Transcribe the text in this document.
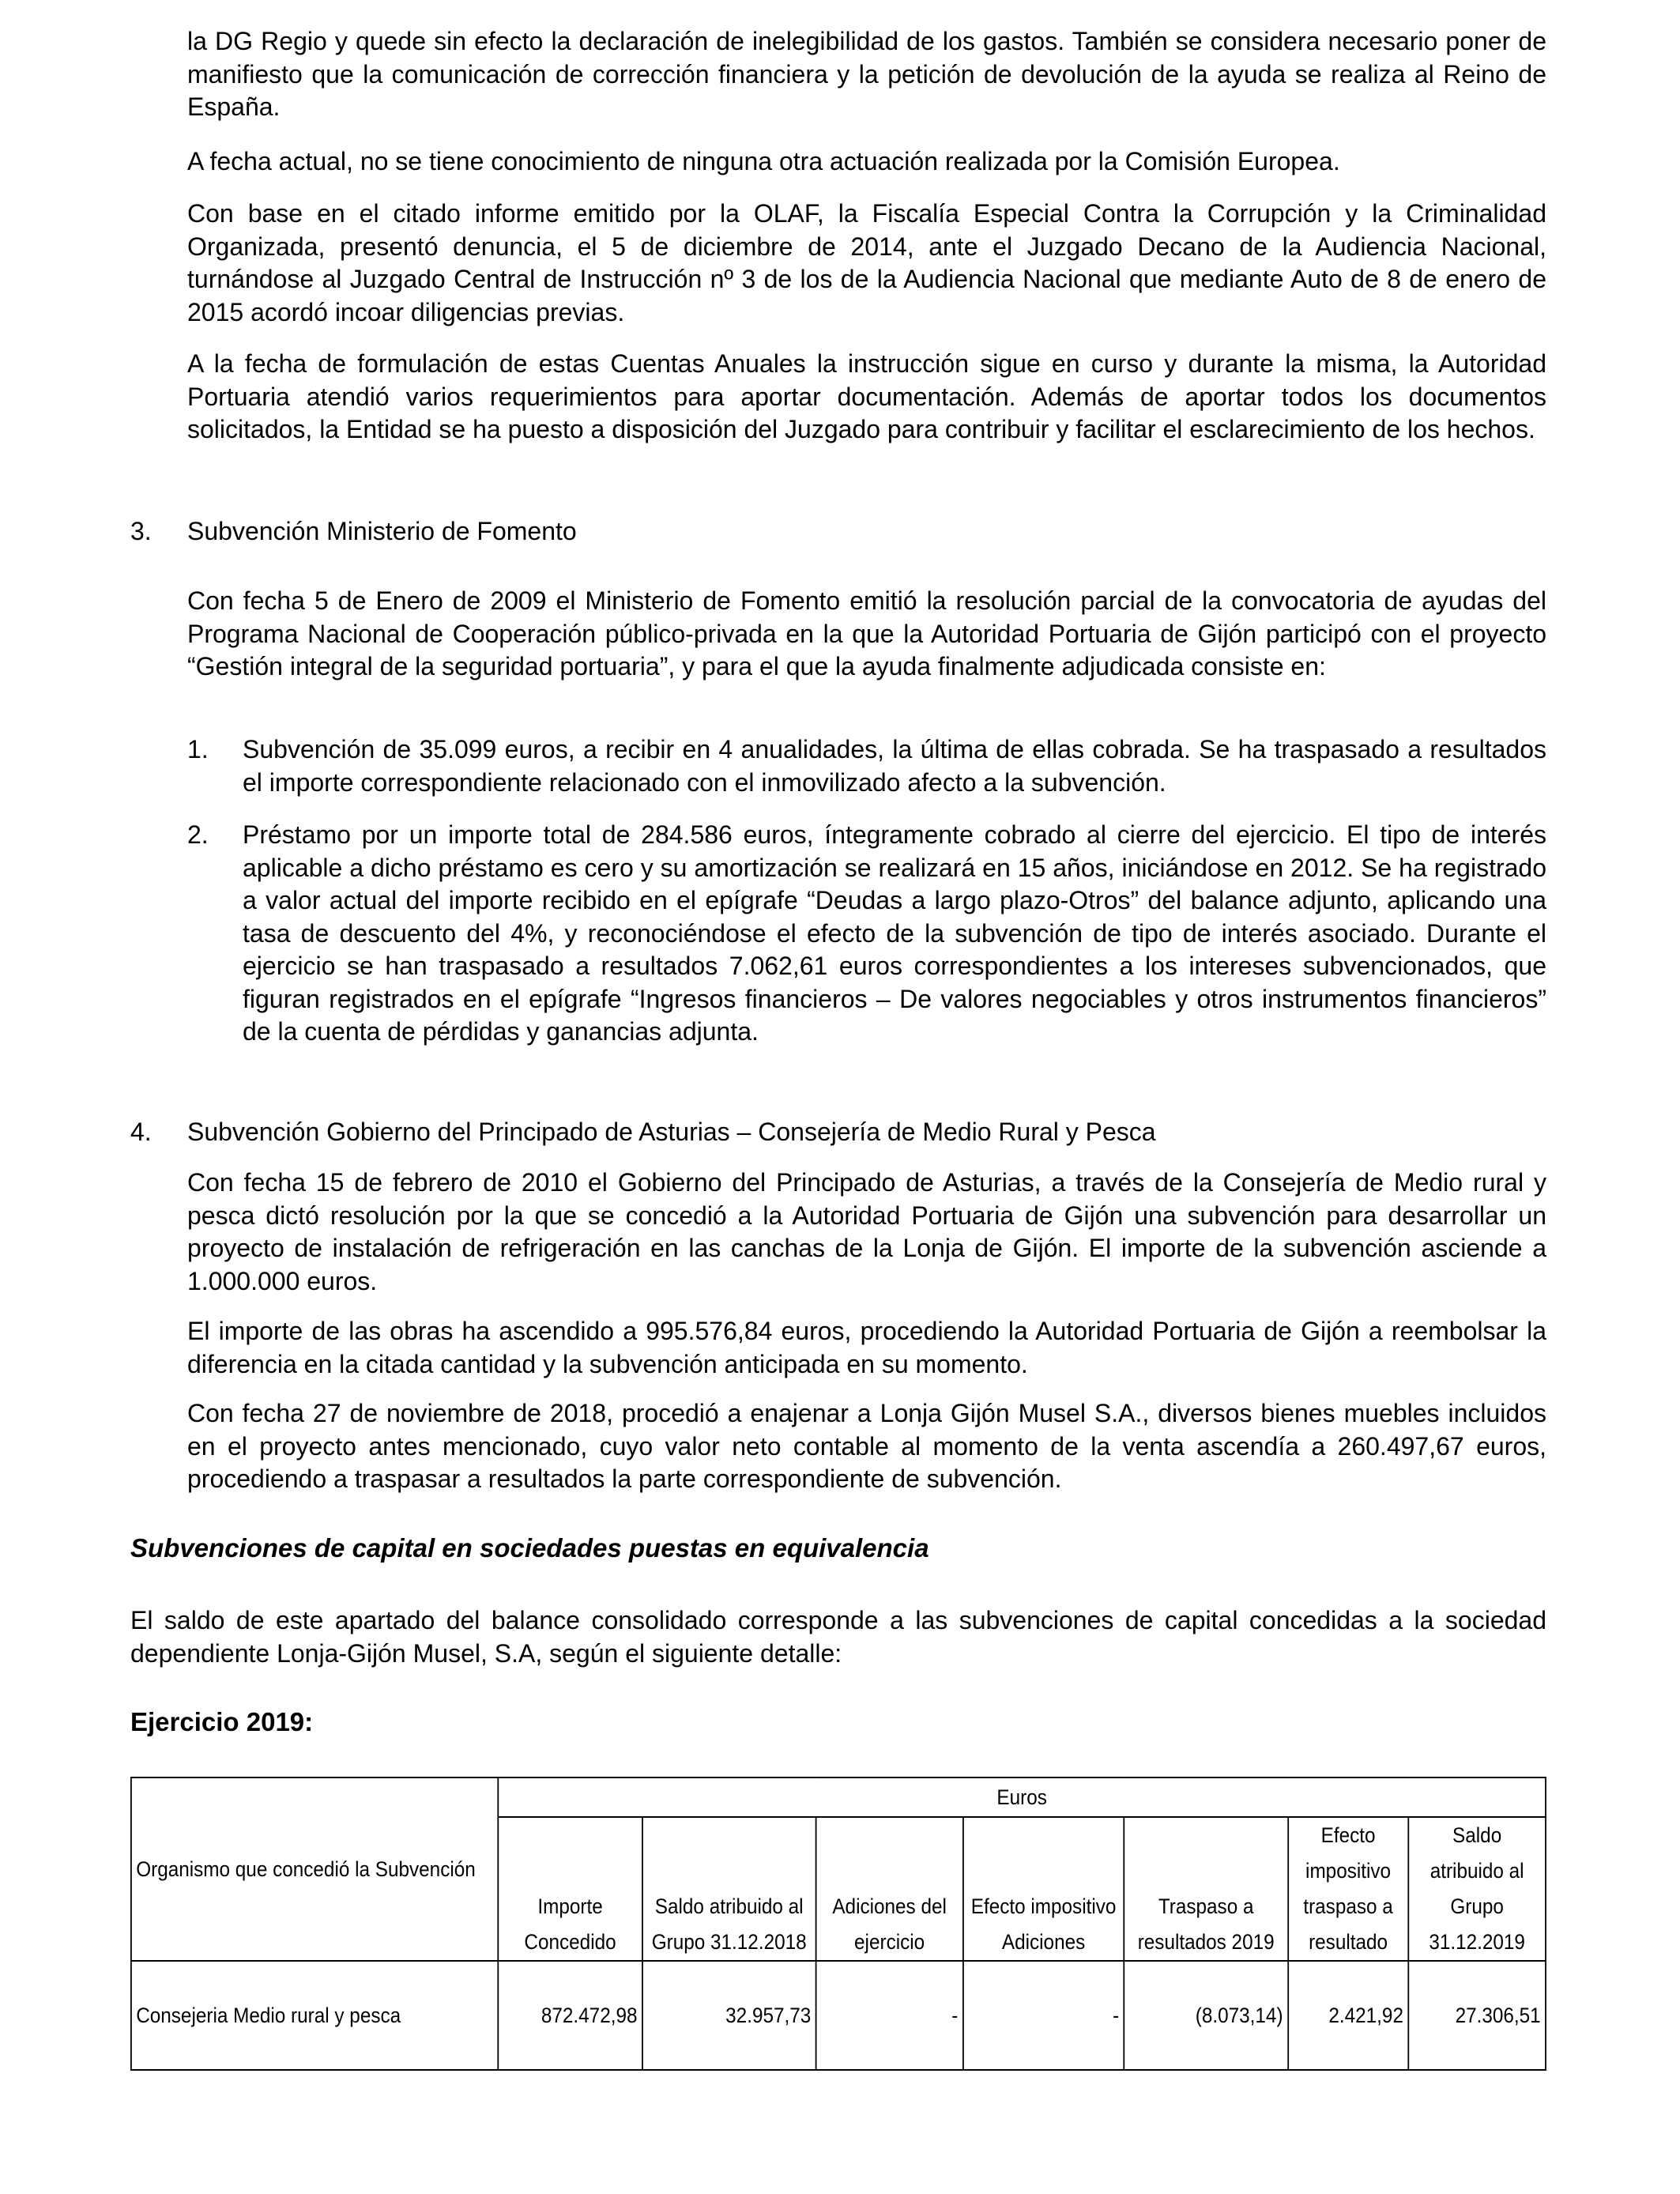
la DG Regio y quede sin efecto la declaración de inelegibilidad de los gastos. También se considera necesario poner de manifiesto que la comunicación de corrección financiera y la petición de devolución de la ayuda se realiza al Reino de España.

A fecha actual, no se tiene conocimiento de ninguna otra actuación realizada por la Comisión Europea.

Con base en el citado informe emitido por la OLAF, la Fiscalía Especial Contra la Corrupción y la Criminalidad Organizada, presentó denuncia, el 5 de diciembre de 2014, ante el Juzgado Decano de la Audiencia Nacional, turnándose al Juzgado Central de Instrucción nº 3 de los de la Audiencia Nacional que mediante Auto de 8 de enero de 2015 acordó incoar diligencias previas.

A la fecha de formulación de estas Cuentas Anuales la instrucción sigue en curso y durante la misma, la Autoridad Portuaria atendió varios requerimientos para aportar documentación. Además de aportar todos los documentos solicitados, la Entidad se ha puesto a disposición del Juzgado para contribuir y facilitar el esclarecimiento de los hechos.

3. Subvención Ministerio de Fomento

Con fecha 5 de Enero de 2009 el Ministerio de Fomento emitió la resolución parcial de la convocatoria de ayudas del Programa Nacional de Cooperación público-privada en la que la Autoridad Portuaria de Gijón participó con el proyecto “Gestión integral de la seguridad portuaria”, y para el que la ayuda finalmente adjudicada consiste en:

1. Subvención de 35.099 euros, a recibir en 4 anualidades, la última de ellas cobrada. Se ha traspasado a resultados el importe correspondiente relacionado con el inmovilizado afecto a la subvención.

2. Préstamo por un importe total de 284.586 euros, íntegramente cobrado al cierre del ejercicio. El tipo de interés aplicable a dicho préstamo es cero y su amortización se realizará en 15 años, iniciándose en 2012. Se ha registrado a valor actual del importe recibido en el epígrafe “Deudas a largo plazo-Otros” del balance adjunto, aplicando una tasa de descuento del 4%, y reconociéndose el efecto de la subvención de tipo de interés asociado. Durante el ejercicio se han traspasado a resultados 7.062,61 euros correspondientes a los intereses subvencionados, que figuran registrados en el epígrafe “Ingresos financieros – De valores negociables y otros instrumentos financieros” de la cuenta de pérdidas y ganancias adjunta.

4. Subvención Gobierno del Principado de Asturias – Consejería de Medio Rural y Pesca

Con fecha 15 de febrero de 2010 el Gobierno del Principado de Asturias, a través de la Consejería de Medio rural y pesca dictó resolución por la que se concedió a la Autoridad Portuaria de Gijón una subvención para desarrollar un proyecto de instalación de refrigeración en las canchas de la Lonja de Gijón. El importe de la subvención asciende a 1.000.000 euros.

El importe de las obras ha ascendido a 995.576,84 euros, procediendo la Autoridad Portuaria de Gijón a reembolsar la diferencia en la citada cantidad y la subvención anticipada en su momento.

Con fecha 27 de noviembre de 2018, procedió a enajenar a Lonja Gijón Musel S.A., diversos bienes muebles incluidos en el proyecto antes mencionado, cuyo valor neto contable al momento de la venta ascendía a 260.497,67 euros, procediendo a traspasar a resultados la parte correspondiente de subvención.

Subvenciones de capital en sociedades puestas en equivalencia

El saldo de este apartado del balance consolidado corresponde a las subvenciones de capital concedidas a la sociedad dependiente Lonja-Gijón Musel, S.A, según el siguiente detalle:

Ejercicio 2019:
Organismo que concedió la Subvención	Euros						
	Importe Concedido	Saldo atribuido al Grupo 31.12.2018	Adiciones del ejercicio	Efecto impositivo Adiciones	Traspaso a resultados 2019	Efecto impositivo traspaso a resultado	Saldo atribuido al Grupo 31.12.2019
Consejeria Medio rural y pesca	872.472,98	32.957,73	-	-	(8.073,14)	2.421,92	27.306,51
